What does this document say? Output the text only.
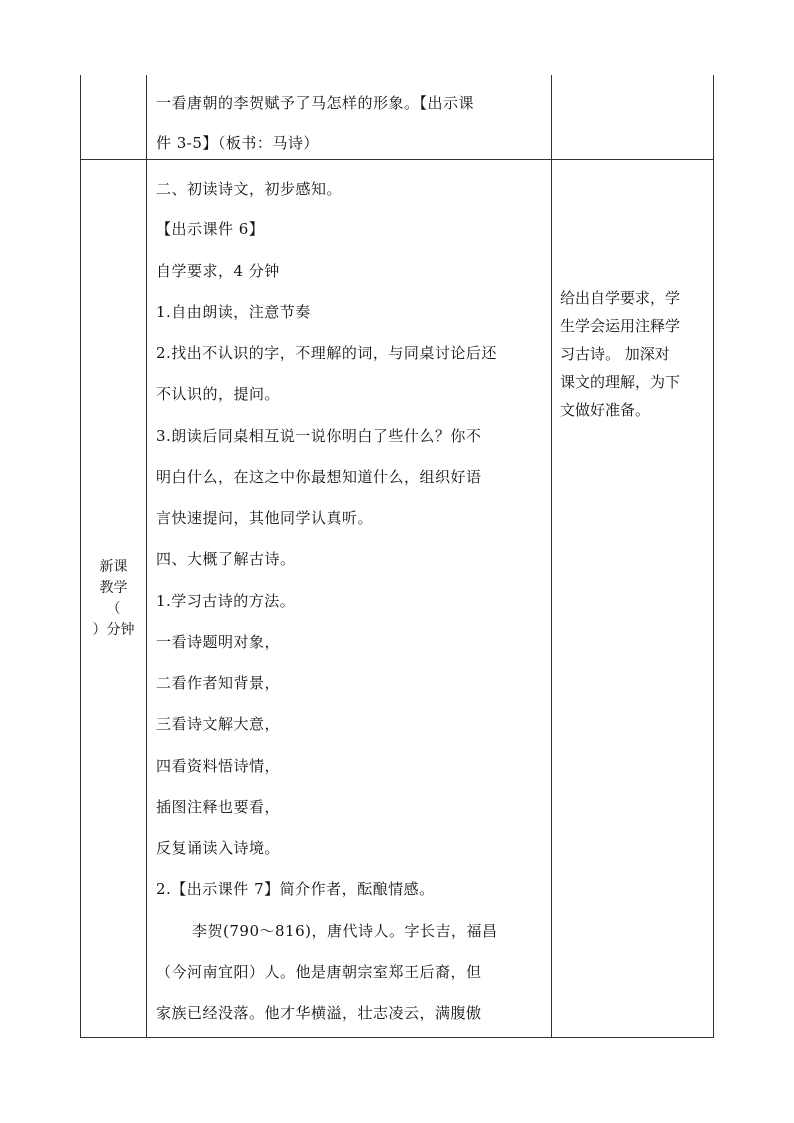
一看唐朝的李贺赋予了马怎样的形象。【出示课
件 3-5】（板书：马诗）
新课
教学
（
）分钟
二、初读诗文，初步感知。
【出示课件 6】
自学要求，4 分钟
1.自由朗读，注意节奏
2.找出不认识的字，不理解的词，与同桌讨论后还
不认识的，提问。
3.朗读后同桌相互说一说你明白了些什么？你不
明白什么，在这之中你最想知道什么，组织好语
言快速提问，其他同学认真听。
四、大概了解古诗。
1.学习古诗的方法。
一看诗题明对象，
二看作者知背景，
三看诗文解大意，
四看资料悟诗情，
插图注释也要看，
反复诵读入诗境。
2.【出示课件 7】简介作者，酝酿情感。
李贺(790～816)，唐代诗人。字长吉，福昌
（今河南宜阳）人。他是唐朝宗室郑王后裔，但
家族已经没落。他才华横溢，壮志凌云，满腹傲
给出自学要求，学
生学会运用注释学
习古诗。 加深对
课文的理解，为下
文做好准备。
